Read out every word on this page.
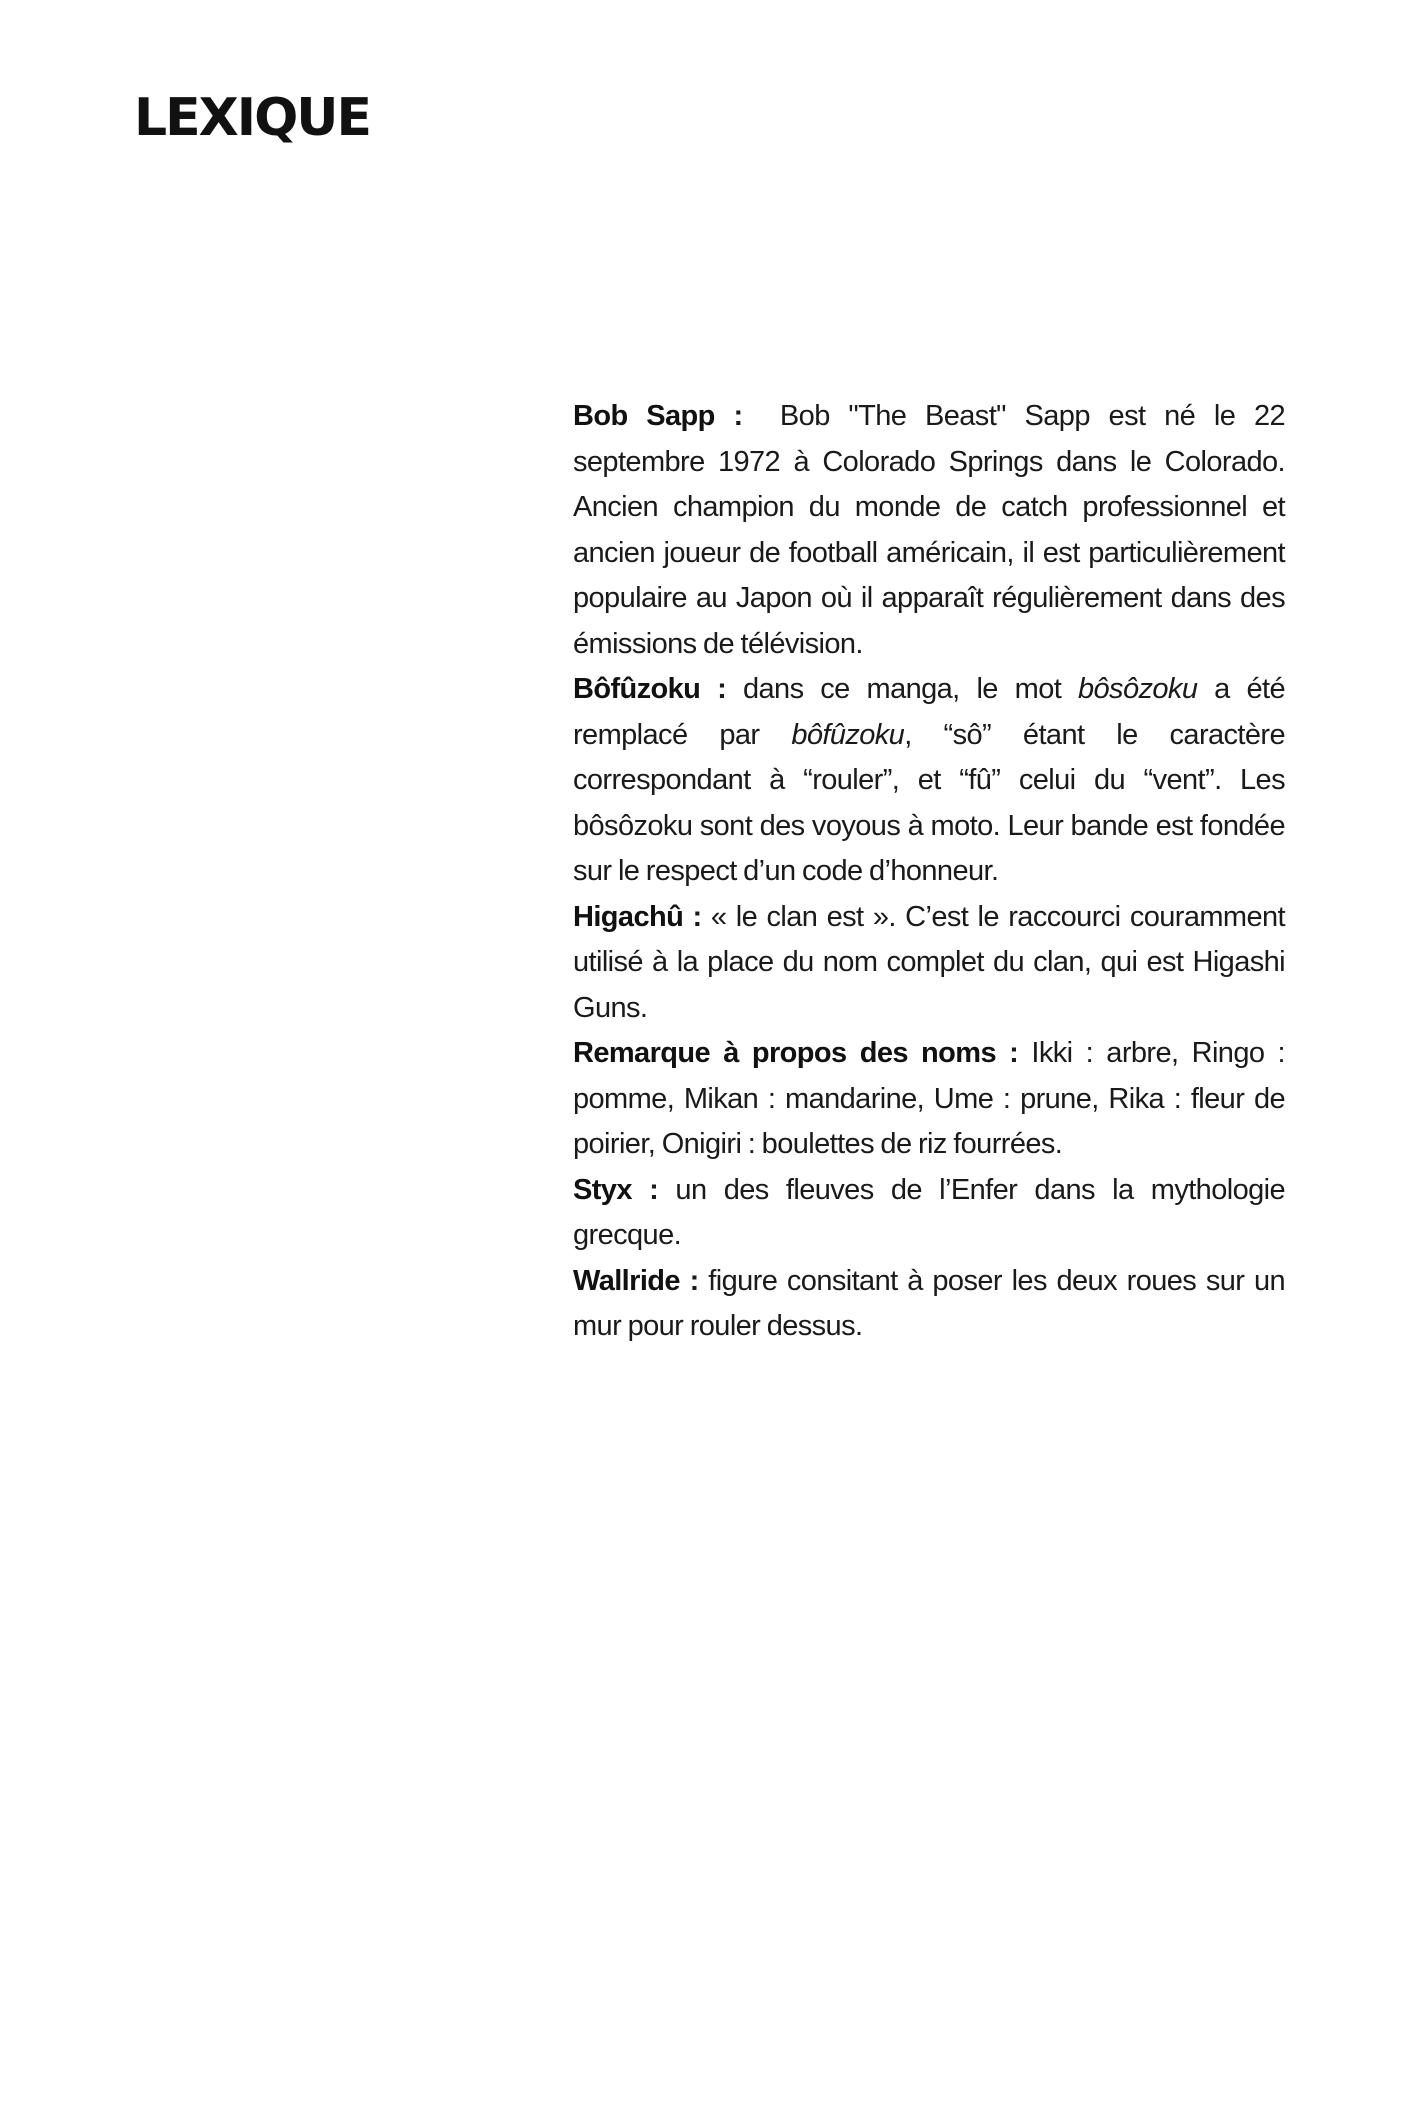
LEXIQUE

Bob Sapp :  Bob "The Beast" Sapp est né le 22 septembre 1972 à Colorado Springs dans le Colorado. Ancien champion du monde de catch professionnel et ancien joueur de football américain, il est particulièrement populaire au Japon où il apparaît régulièrement dans des émissions de télévision.

Bôfûzoku : dans ce manga, le mot bôsôzoku a été remplacé par bôfûzoku, “sô” étant le caractère correspondant à “rouler”, et “fû” celui du “vent”. Les bôsôzoku sont des voyous à moto. Leur bande est fondée sur le respect d’un code d’honneur.

Higachû : « le clan est ». C’est le raccourci couramment utilisé à la place du nom complet du clan, qui est Higashi Guns.

Remarque à propos des noms : Ikki : arbre, Ringo : pomme, Mikan : mandarine, Ume : prune, Rika : fleur de poirier, Onigiri : boulettes de riz fourrées.

Styx : un des fleuves de l’Enfer dans la mythologie grecque.

Wallride : figure consitant à poser les deux roues sur un mur pour rouler dessus.
